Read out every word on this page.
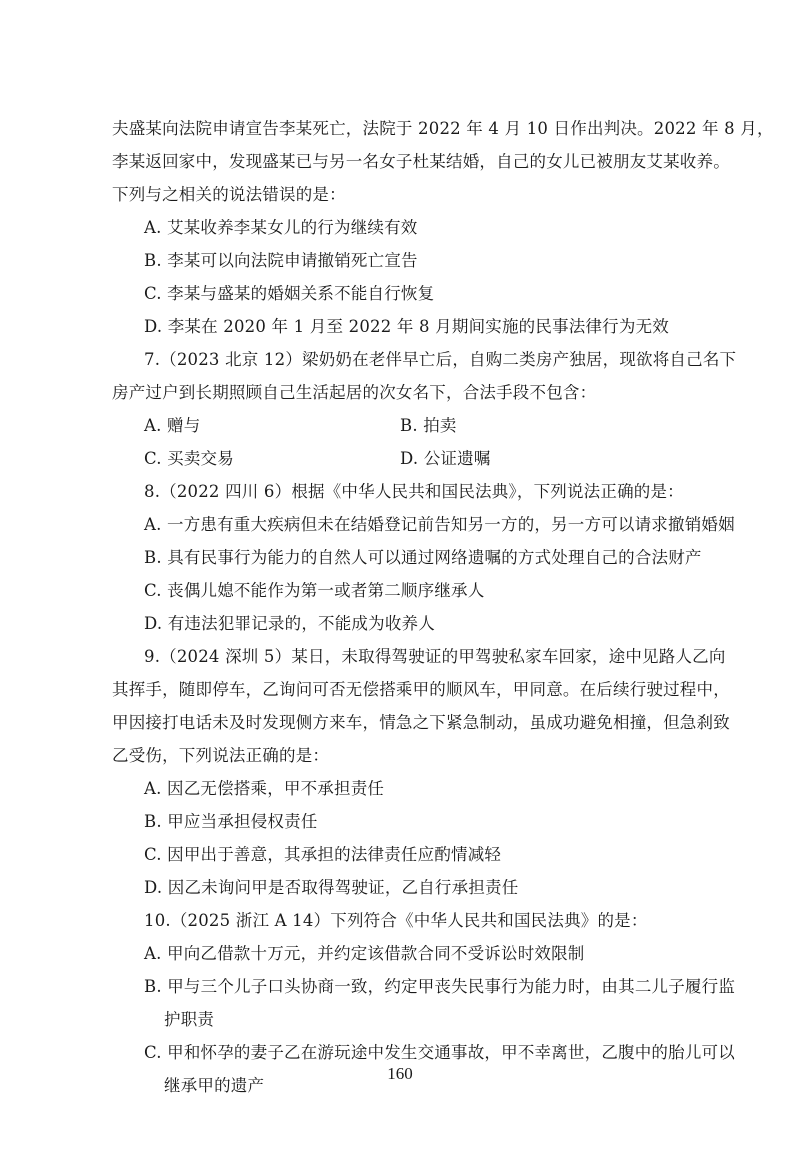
夫盛某向法院申请宣告李某死亡，法院于 2022 年 4 月 10 日作出判决。2022 年 8 月，
李某返回家中，发现盛某已与另一名女子杜某结婚，自己的女儿已被朋友艾某收养。
下列与之相关的说法错误的是：
A. 艾某收养李某女儿的行为继续有效
B. 李某可以向法院申请撤销死亡宣告
C. 李某与盛某的婚姻关系不能自行恢复
D. 李某在 2020 年 1 月至 2022 年 8 月期间实施的民事法律行为无效
7.（2023 北京 12）梁奶奶在老伴早亡后，自购二类房产独居，现欲将自己名下
房产过户到长期照顾自己生活起居的次女名下，合法手段不包含：
A. 赠与	B. 拍卖
C. 买卖交易	D. 公证遗嘱
8.（2022 四川 6）根据《中华人民共和国民法典》，下列说法正确的是：
A. 一方患有重大疾病但未在结婚登记前告知另一方的，另一方可以请求撤销婚姻
B. 具有民事行为能力的自然人可以通过网络遗嘱的方式处理自己的合法财产
C. 丧偶儿媳不能作为第一或者第二顺序继承人
D. 有违法犯罪记录的，不能成为收养人
9.（2024 深圳 5）某日，未取得驾驶证的甲驾驶私家车回家，途中见路人乙向
其挥手，随即停车，乙询问可否无偿搭乘甲的顺风车，甲同意。在后续行驶过程中，
甲因接打电话未及时发现侧方来车，情急之下紧急制动，虽成功避免相撞，但急刹致
乙受伤，下列说法正确的是：
A. 因乙无偿搭乘，甲不承担责任
B. 甲应当承担侵权责任
C. 因甲出于善意，其承担的法律责任应酌情减轻
D. 因乙未询问甲是否取得驾驶证，乙自行承担责任
10.（2025 浙江 A 14）下列符合《中华人民共和国民法典》的是：
A. 甲向乙借款十万元，并约定该借款合同不受诉讼时效限制
B. 甲与三个儿子口头协商一致，约定甲丧失民事行为能力时，由其二儿子履行监
护职责
C. 甲和怀孕的妻子乙在游玩途中发生交通事故，甲不幸离世，乙腹中的胎儿可以
继承甲的遗产
160
